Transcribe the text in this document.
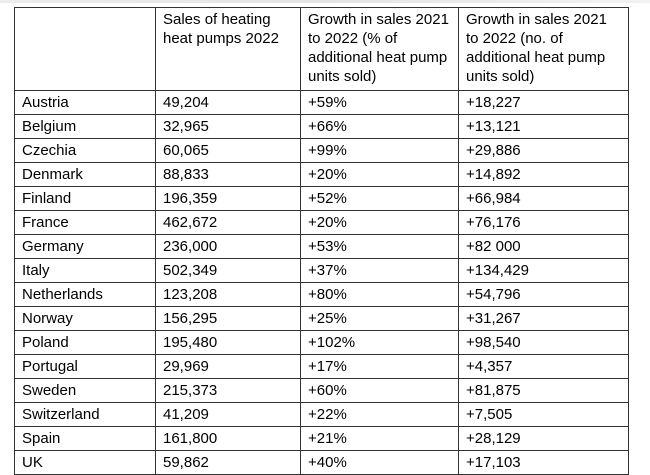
	Sales of heating heat pumps 2022	Growth in sales 2021 to 2022 (% of additional heat pump units sold)	Growth in sales 2021 to 2022 (no. of additional heat pump units sold)
Austria	49,204	+59%	+18,227
Belgium	32,965	+66%	+13,121
Czechia	60,065	+99%	+29,886
Denmark	88,833	+20%	+14,892
Finland	196,359	+52%	+66,984
France	462,672	+20%	+76,176
Germany	236,000	+53%	+82 000
Italy	502,349	+37%	+134,429
Netherlands	123,208	+80%	+54,796
Norway	156,295	+25%	+31,267
Poland	195,480	+102%	+98,540
Portugal	29,969	+17%	+4,357
Sweden	215,373	+60%	+81,875
Switzerland	41,209	+22%	+7,505
Spain	161,800	+21%	+28,129
UK	59,862	+40%	+17,103
